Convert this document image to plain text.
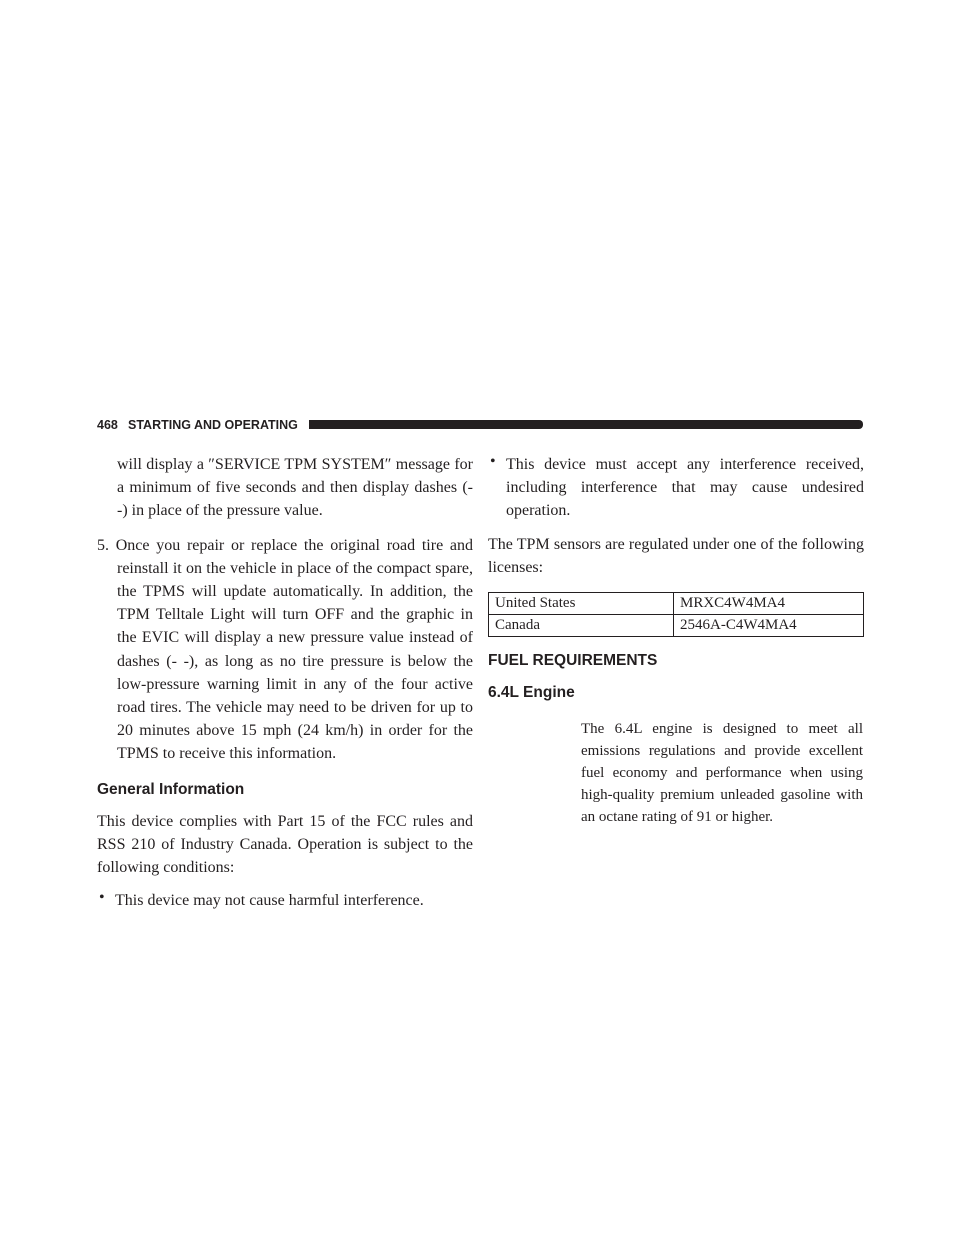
468 STARTING AND OPERATING

will display a ″SERVICE TPM SYSTEM″ message for a minimum of five seconds and then display dashes (- -) in place of the pressure value.

5. Once you repair or replace the original road tire and reinstall it on the vehicle in place of the compact spare, the TPMS will update automatically. In addition, the TPM Telltale Light will turn OFF and the graphic in the EVIC will display a new pressure value instead of dashes (- -), as long as no tire pressure is below the low-pressure warning limit in any of the four active road tires. The vehicle may need to be driven for up to 20 minutes above 15 mph (24 km/h) in order for the TPMS to receive this information.

General Information

This device complies with Part 15 of the FCC rules and RSS 210 of Industry Canada. Operation is subject to the following conditions:

• This device may not cause harmful interference.

• This device must accept any interference received, including interference that may cause undesired operation.

The TPM sensors are regulated under one of the following licenses:

United States	MRXC4W4MA4
Canada	2546A-C4W4MA4
FUEL REQUIREMENTS
6.4L Engine

The 6.4L engine is designed to meet all emissions regulations and provide excellent fuel economy and performance when using high-quality premium unleaded gasoline with an octane rating of 91 or higher.
